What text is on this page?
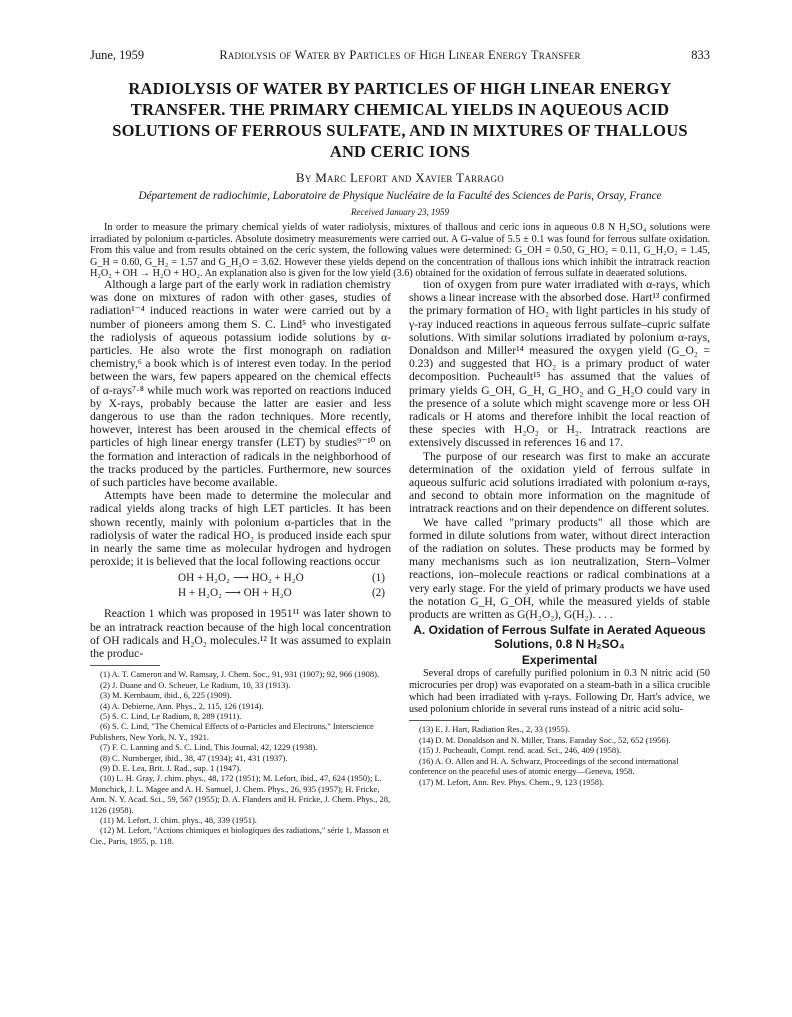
June, 1959	Radiolysis of Water by Particles of High Linear Energy Transfer	833
RADIOLYSIS OF WATER BY PARTICLES OF HIGH LINEAR ENERGY TRANSFER. THE PRIMARY CHEMICAL YIELDS IN AQUEOUS ACID SOLUTIONS OF FERROUS SULFATE, AND IN MIXTURES OF THALLOUS AND CERIC IONS
By Marc Lefort and Xavier Tarrago
Département de radiochimie, Laboratoire de Physique Nucléaire de la Faculté des Sciences de Paris, Orsay, France
Received January 23, 1959

In order to measure the primary chemical yields of water radiolysis, mixtures of thallous and ceric ions in aqueous 0.8 N H₂SO₄ solutions were irradiated by polonium α-particles. Absolute dosimetry measurements were carried out. A G-value of 5.5 ± 0.1 was found for ferrous sulfate oxidation. From this value and from results obtained on the ceric system, the following values were determined: G_OH = 0.50, G_HO₂ = 0.11, G_H₂O₂ = 1.45, G_H = 0.60, G_H₂ = 1.57 and G_H₂O = 3.62. However these yields depend on the concentration of thallous ions which inhibit the intratrack reaction H₂O₂ + OH → H₂O + HO₂. An explanation also is given for the low yield (3.6) obtained for the oxidation of ferrous sulfate in deaerated solutions.

Although a large part of the early work in radiation chemistry was done on mixtures of radon with other gases, studies of radiation¹⁻⁴ induced reactions in water were carried out by a number of pioneers among them S. C. Lind⁵ who investigated the radiolysis of aqueous potassium iodide solutions by α-particles. He also wrote the first monograph on radiation chemistry,⁶ a book which is of interest even today. In the period between the wars, few papers appeared on the chemical effects of α-rays⁷·⁸ while much work was reported on reactions induced by X-rays, probably because the latter are easier and less dangerous to use than the radon techniques. More recently, however, interest has been aroused in the chemical effects of particles of high linear energy transfer (LET) by studies⁹⁻¹⁰ on the formation and interaction of radicals in the neighborhood of the tracks produced by the particles. Furthermore, new sources of such particles have become available.

Attempts have been made to determine the molecular and radical yields along tracks of high LET particles. It has been shown recently, mainly with polonium α-particles that in the radiolysis of water the radical HO₂ is produced inside each spur in nearly the same time as molecular hydrogen and hydrogen peroxide; it is believed that the local following reactions occur

OH + H₂O₂ ⟶ HO₂ + H₂O	(1)
H + H₂O₂ ⟶ OH + H₂O	(2)

Reaction 1 which was proposed in 1951¹¹ was later shown to be an intratrack reaction because of the high local concentration of OH radicals and H₂O₂ molecules.¹² It was assumed to explain the produc-

(1) A. T. Cameron and W. Ramsay, J. Chem. Soc., 91, 931 (1907); 92, 966 (1908).
(2) J. Duane and O. Scheuer, Le Radium, 10, 33 (1913).
(3) M. Kernbaum, ibid., 6, 225 (1909).
(4) A. Debierne, Ann. Phys., 2, 115, 126 (1914).
(5) S. C. Lind, Le Radium, 8, 289 (1911).
(6) S. C. Lind, "The Chemical Effects of α-Particles and Electrons," Interscience Publishers, New York, N. Y., 1921.
(7) F. C. Lanning and S. C. Lind, This Journal, 42, 1229 (1938).
(8) C. Nurnberger, ibid., 38, 47 (1934); 41, 431 (1937).
(9) D. E. Lea, Brit. J. Rad., sup. 1 (1947).
(10) L. H. Gray, J. chim. phys., 48, 172 (1951); M. Lefort, ibid., 47, 624 (1950); L. Monchick, J. L. Magee and A. H. Samuel, J. Chem. Phys., 26, 935 (1957); H. Fricke, Ann. N. Y. Acad. Sci., 59, 567 (1955); D. A. Flanders and H. Fricke, J. Chem. Phys., 28, 1126 (1958).
(11) M. Lefort, J. chim. phys., 48, 339 (1951).
(12) M. Lefort, "Actions chimiques et biologiques des radiations," série 1, Masson et Cie., Paris, 1955, p. 118.

tion of oxygen from pure water irradiated with α-rays, which shows a linear increase with the absorbed dose. Hart¹³ confirmed the primary formation of HO₂ with light particles in his study of γ-ray induced reactions in aqueous ferrous sulfate–cupric sulfate solutions. With similar solutions irradiated by polonium α-rays, Donaldson and Miller¹⁴ measured the oxygen yield (G_O₂ = 0.23) and suggested that HO₂ is a primary product of water decomposition. Pucheault¹⁵ has assumed that the values of primary yields G_OH, G_H, G_HO₂ and G_H₂O could vary in the presence of a solute which might scavenge more or less OH radicals or H atoms and therefore inhibit the local reaction of these species with H₂O₂ or H₂. Intratrack reactions are extensively discussed in references 16 and 17.

The purpose of our research was first to make an accurate determination of the oxidation yield of ferrous sulfate in aqueous sulfuric acid solutions irradiated with polonium α-rays, and second to obtain more information on the magnitude of intratrack reactions and on their dependence on different solutes.

We have called "primary products" all those which are formed in dilute solutions from water, without direct interaction of the radiation on solutes. These products may be formed by many mechanisms such as ion neutralization, Stern–Volmer reactions, ion–molecule reactions or radical combinations at a very early stage. For the yield of primary products we have used the notation G_H, G_OH, while the measured yields of stable products are written as G(H₂O₂), G(H₂). . . .

A. Oxidation of Ferrous Sulfate in Aerated Aqueous Solutions, 0.8 N H₂SO₄
Experimental

Several drops of carefully purified polonium in 0.3 N nitric acid (50 microcuries per drop) was evaporated on a steam-bath in a silica crucible which had been irradiated with γ-rays. Following Dr. Hart's advice, we used polonium chloride in several runs instead of a nitric acid solu-

(13) E. J. Hart, Radiation Res., 2, 33 (1955).
(14) D. M. Donaldson and N. Miller, Trans. Faraday Soc., 52, 652 (1956).
(15) J. Pucheault, Compt. rend. acad. Sci., 246, 409 (1958).
(16) A. O. Allen and H. A. Schwarz, Proceedings of the second international conference on the peaceful uses of atomic energy—Geneva, 1958.
(17) M. Lefort, Ann. Rev. Phys. Chem., 9, 123 (1958).
